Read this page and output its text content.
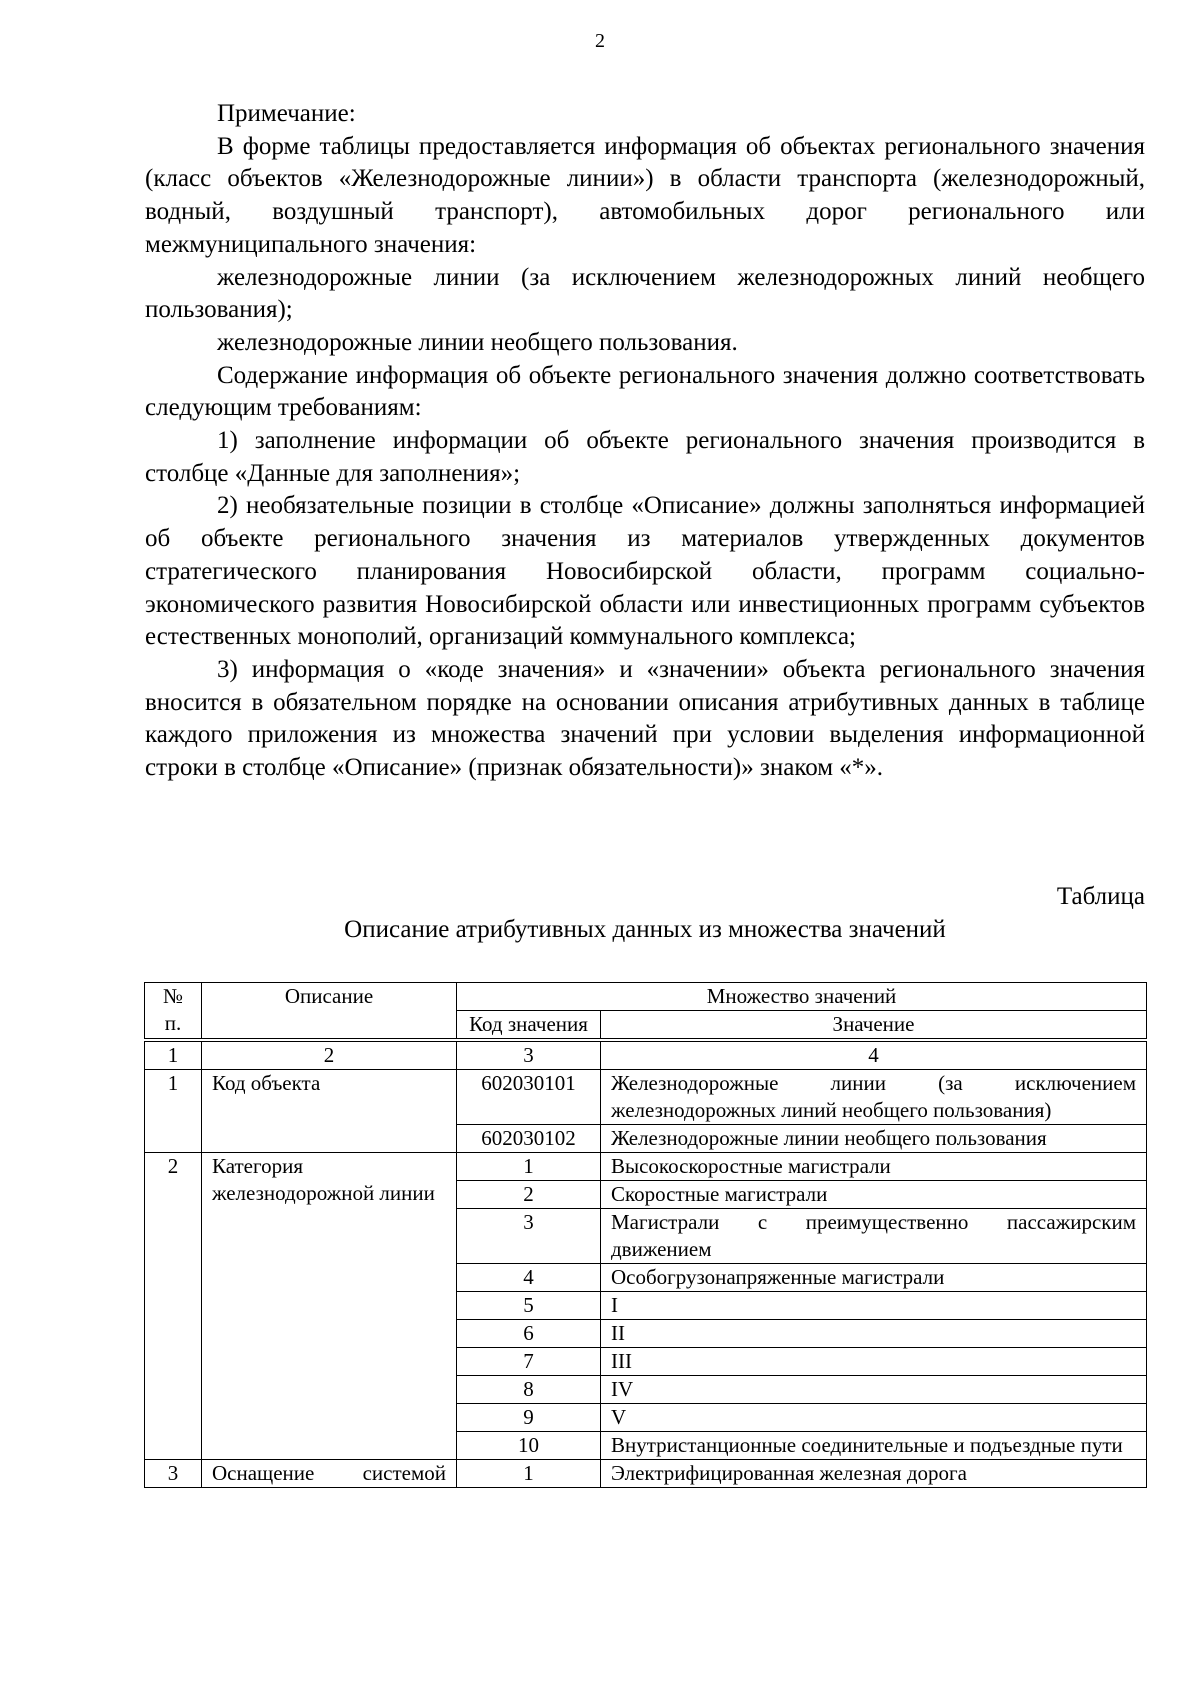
2

Примечание:

В форме таблицы предоставляется информация об объектах регионального значения (класс объектов «Железнодорожные линии») в области транспорта (железнодорожный, водный, воздушный транспорт), автомобильных дорог регионального или межмуниципального значения:

железнодорожные линии (за исключением железнодорожных линий необщего пользования);

железнодорожные линии необщего пользования.

Содержание информация об объекте регионального значения должно соответствовать следующим требованиям:

1) заполнение информации об объекте регионального значения производится в столбце «Данные для заполнения»;

2) необязательные позиции в столбце «Описание» должны заполняться информацией об объекте регионального значения из материалов утвержденных документов стратегического планирования Новосибирской области, программ социально-экономического развития Новосибирской области или инвестиционных программ субъектов естественных монополий, организаций коммунального комплекса;

3) информация о «коде значения» и «значении» объекта регионального значения вносится в обязательном порядке на основании описания атрибутивных данных в таблице каждого приложения из множества значений при условии выделения информационной строки в столбце «Описание» (признак обязательности)» знаком «*».

Таблица
Описание атрибутивных данных из множества значений
№ п.	Описание	Множество значений	
		Код значения	Значение
1	2	3	4
1	Код объекта	602030101	Железнодорожные линии (за исключением железнодорожных линий необщего пользования)
		602030102	Железнодорожные линии необщего пользования
2	Категория железнодорожной линии	1	Высокоскоростные магистрали
		2	Скоростные магистрали
		3	Магистрали с преимущественно пассажирским движением
		4	Особогрузонапряженные магистрали
		5	I
		6	II
		7	III
		8	IV
		9	V
		10	Внутристанционные соединительные и подъездные пути
3	Оснащение системой	1	Электрифицированная железная дорога
